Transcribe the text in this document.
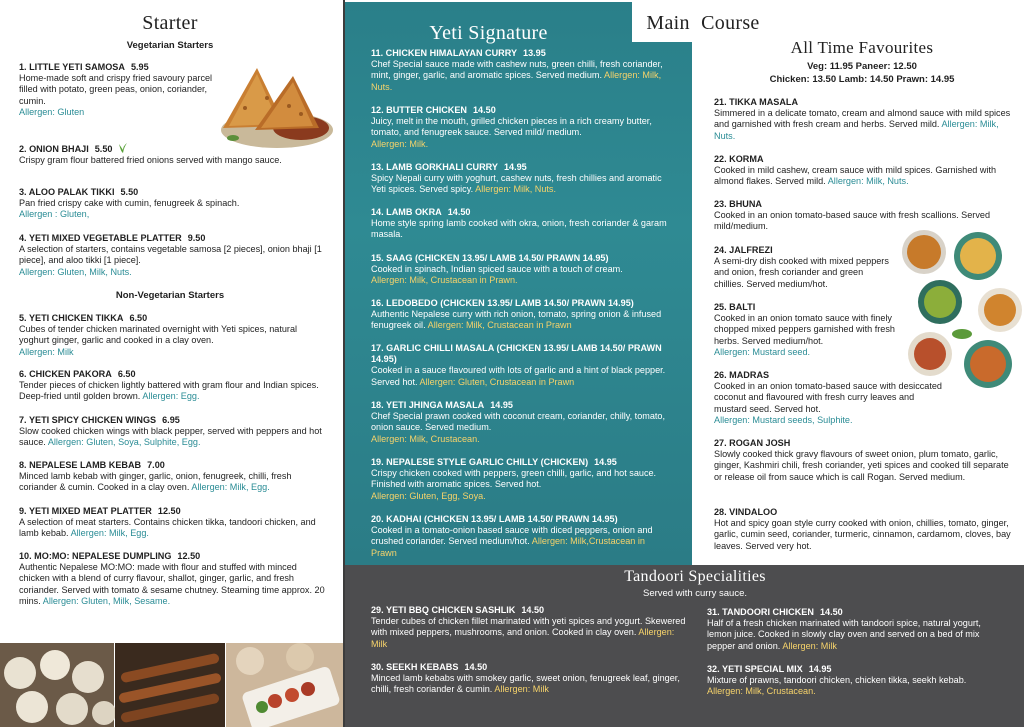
Starter
Vegetarian Starters
1. LITTLE YETI SAMOSA 5.95
Home-made soft and crispy fried savoury parcel filled with potato, green peas, onion, coriander, cumin.
Allergen: Gluten
2. ONION BHAJI 5.50
Crispy gram flour battered fried onions served with mango sauce.
3. ALOO PALAK TIKKI 5.50
Pan fried crispy cake with cumin, fenugreek & spinach.
Allergen : Gluten,
4. YETI MIXED VEGETABLE PLATTER 9.50
A selection of starters, contains vegetable samosa [2 pieces], onion bhaji [1 piece], and aloo tikki [1 piece].
Allergen: Gluten, Milk, Nuts.
Non-Vegetarian Starters
5. YETI CHICKEN TIKKA 6.50
Cubes of tender chicken marinated overnight with Yeti spices, natural yoghurt ginger, garlic and cooked in a clay oven.
Allergen: Milk
6. CHICKEN PAKORA 6.50
Tender pieces of chicken lightly battered with gram flour and Indian spices. Deep-fried until golden brown. Allergen: Egg.
7. YETI SPICY CHICKEN WINGS 6.95
Slow cooked chicken wings with black pepper, served with peppers and hot sauce. Allergen: Gluten, Soya, Sulphite, Egg.
8. NEPALESE LAMB KEBAB 7.00
Minced lamb kebab with ginger, garlic, onion, fenugreek, chilli, fresh coriander & cumin. Cooked in a clay oven. Allergen: Milk, Egg.
9. YETI MIXED MEAT PLATTER 12.50
A selection of meat starters. Contains chicken tikka, tandoori chicken, and lamb kebab. Allergen: Milk, Egg.
10. MO:MO: NEPALESE DUMPLING 12.50
Authentic Nepalese MO:MO: made with flour and stuffed with minced chicken with a blend of curry flavour, shallot, ginger, garlic, and fresh coriander. Served with tomato & sesame chutney. Steaming time approx. 20 mins. Allergen: Gluten, Milk, Sesame.
Yeti Signature
11. CHICKEN HIMALAYAN CURRY 13.95
Chef Special sauce made with cashew nuts, green chilli, fresh coriander, mint, ginger, garlic, and aromatic spices. Served medium. Allergen: Milk, Nuts.
12. BUTTER CHICKEN 14.50
Juicy, melt in the mouth, grilled chicken pieces in a rich creamy butter, tomato, and fenugreek sauce. Served mild/ medium.
Allergen: Milk.
13. LAMB GORKHALI CURRY 14.95
Spicy Nepali curry with yoghurt, cashew nuts, fresh chillies and aromatic Yeti spices. Served spicy. Allergen: Milk, Nuts.
14. LAMB OKRA 14.50
Home style spring lamb cooked with okra, onion, fresh coriander & garam masala.
15. SAAG (CHICKEN 13.95/ LAMB 14.50/ PRAWN 14.95)
Cooked in spinach, Indian spiced sauce with a touch of cream.
Allergen: Milk, Crustacean in Prawn.
16. LEDOBEDO (CHICKEN 13.95/ LAMB 14.50/ PRAWN 14.95)
Authentic Nepalese curry with rich onion, tomato, spring onion & infused fenugreek oil. Allergen: Milk, Crustacean in Prawn
17. GARLIC CHILLI MASALA (CHICKEN 13.95/ LAMB 14.50/ PRAWN 14.95)
Cooked in a sauce flavoured with lots of garlic and a hint of black pepper. Served hot. Allergen: Gluten, Crustacean in Prawn
18. YETI JHINGA MASALA 14.95
Chef Special prawn cooked with coconut cream, coriander, chilly, tomato, onion sauce. Served medium.
Allergen: Milk, Crustacean.
19. NEPALESE STYLE GARLIC CHILLY (CHICKEN) 14.95
Crispy chicken cooked with peppers, green chilli, garlic, and hot sauce. Finished with aromatic spices. Served hot.
Allergen: Gluten, Egg, Soya.
20. KADHAI (CHICKEN 13.95/ LAMB 14.50/ PRAWN 14.95)
Cooked in a tomato-onion based sauce with diced peppers, onion and crushed coriander. Served medium/hot. Allergen: Milk,Crustacean in Prawn
Main Course
All Time Favourites
Veg: 11.95 Paneer: 12.50
Chicken: 13.50 Lamb: 14.50 Prawn: 14.95
21. TIKKA MASALA
Simmered in a delicate tomato, cream and almond sauce with mild spices and garnished with fresh cream and herbs. Served mild. Allergen: Milk, Nuts.
22. KORMA
Cooked in mild cashew, cream sauce with mild spices. Garnished with almond flakes. Served mild. Allergen: Milk, Nuts.
23. BHUNA
Cooked in an onion tomato-based sauce with fresh scallions. Served mild/medium.
24. JALFREZI
A semi-dry dish cooked with mixed peppers and onion, fresh coriander and green chillies. Served medium/hot.
25. BALTI
Cooked in an onion tomato sauce with finely chopped mixed peppers garnished with fresh herbs. Served medium/hot.
Allergen: Mustard seed.
26. MADRAS
Cooked in an onion tomato-based sauce with desiccated coconut and flavoured with fresh curry leaves and mustard seed. Served hot.
Allergen: Mustard seeds, Sulphite.
27. ROGAN JOSH
Slowly cooked thick gravy flavours of sweet onion, plum tomato, garlic, ginger, Kashmiri chili, fresh coriander, yeti spices and cooked till separate or release oil from sauce which is call Rogan. Served medium.
28. VINDALOO
Hot and spicy goan style curry cooked with onion, chillies, tomato, ginger, garlic, cumin seed, coriander, turmeric, cinnamon, cardamom, cloves, bay leaves. Served very hot.
Tandoori Specialities
Served with curry sauce.
29. YETI BBQ CHICKEN SASHLIK 14.50
Tender cubes of chicken fillet marinated with yeti spices and yogurt. Skewered with mixed peppers, mushrooms, and onion. Cooked in clay oven. Allergen: Milk
30. SEEKH KEBABS 14.50
Minced lamb kebabs with smokey garlic, sweet onion, fenugreek leaf, ginger, chilli, fresh coriander & cumin. Allergen: Milk
31. TANDOORI CHICKEN 14.50
Half of a fresh chicken marinated with tandoori spice, natural yogurt, lemon juice. Cooked in slowly clay oven and served on a bed of mix pepper and onion. Allergen: Milk
32. YETI SPECIAL MIX 14.95
Mixture of prawns, tandoori chicken, chicken tikka, seekh kebab.
Allergen: Milk, Crustacean.
